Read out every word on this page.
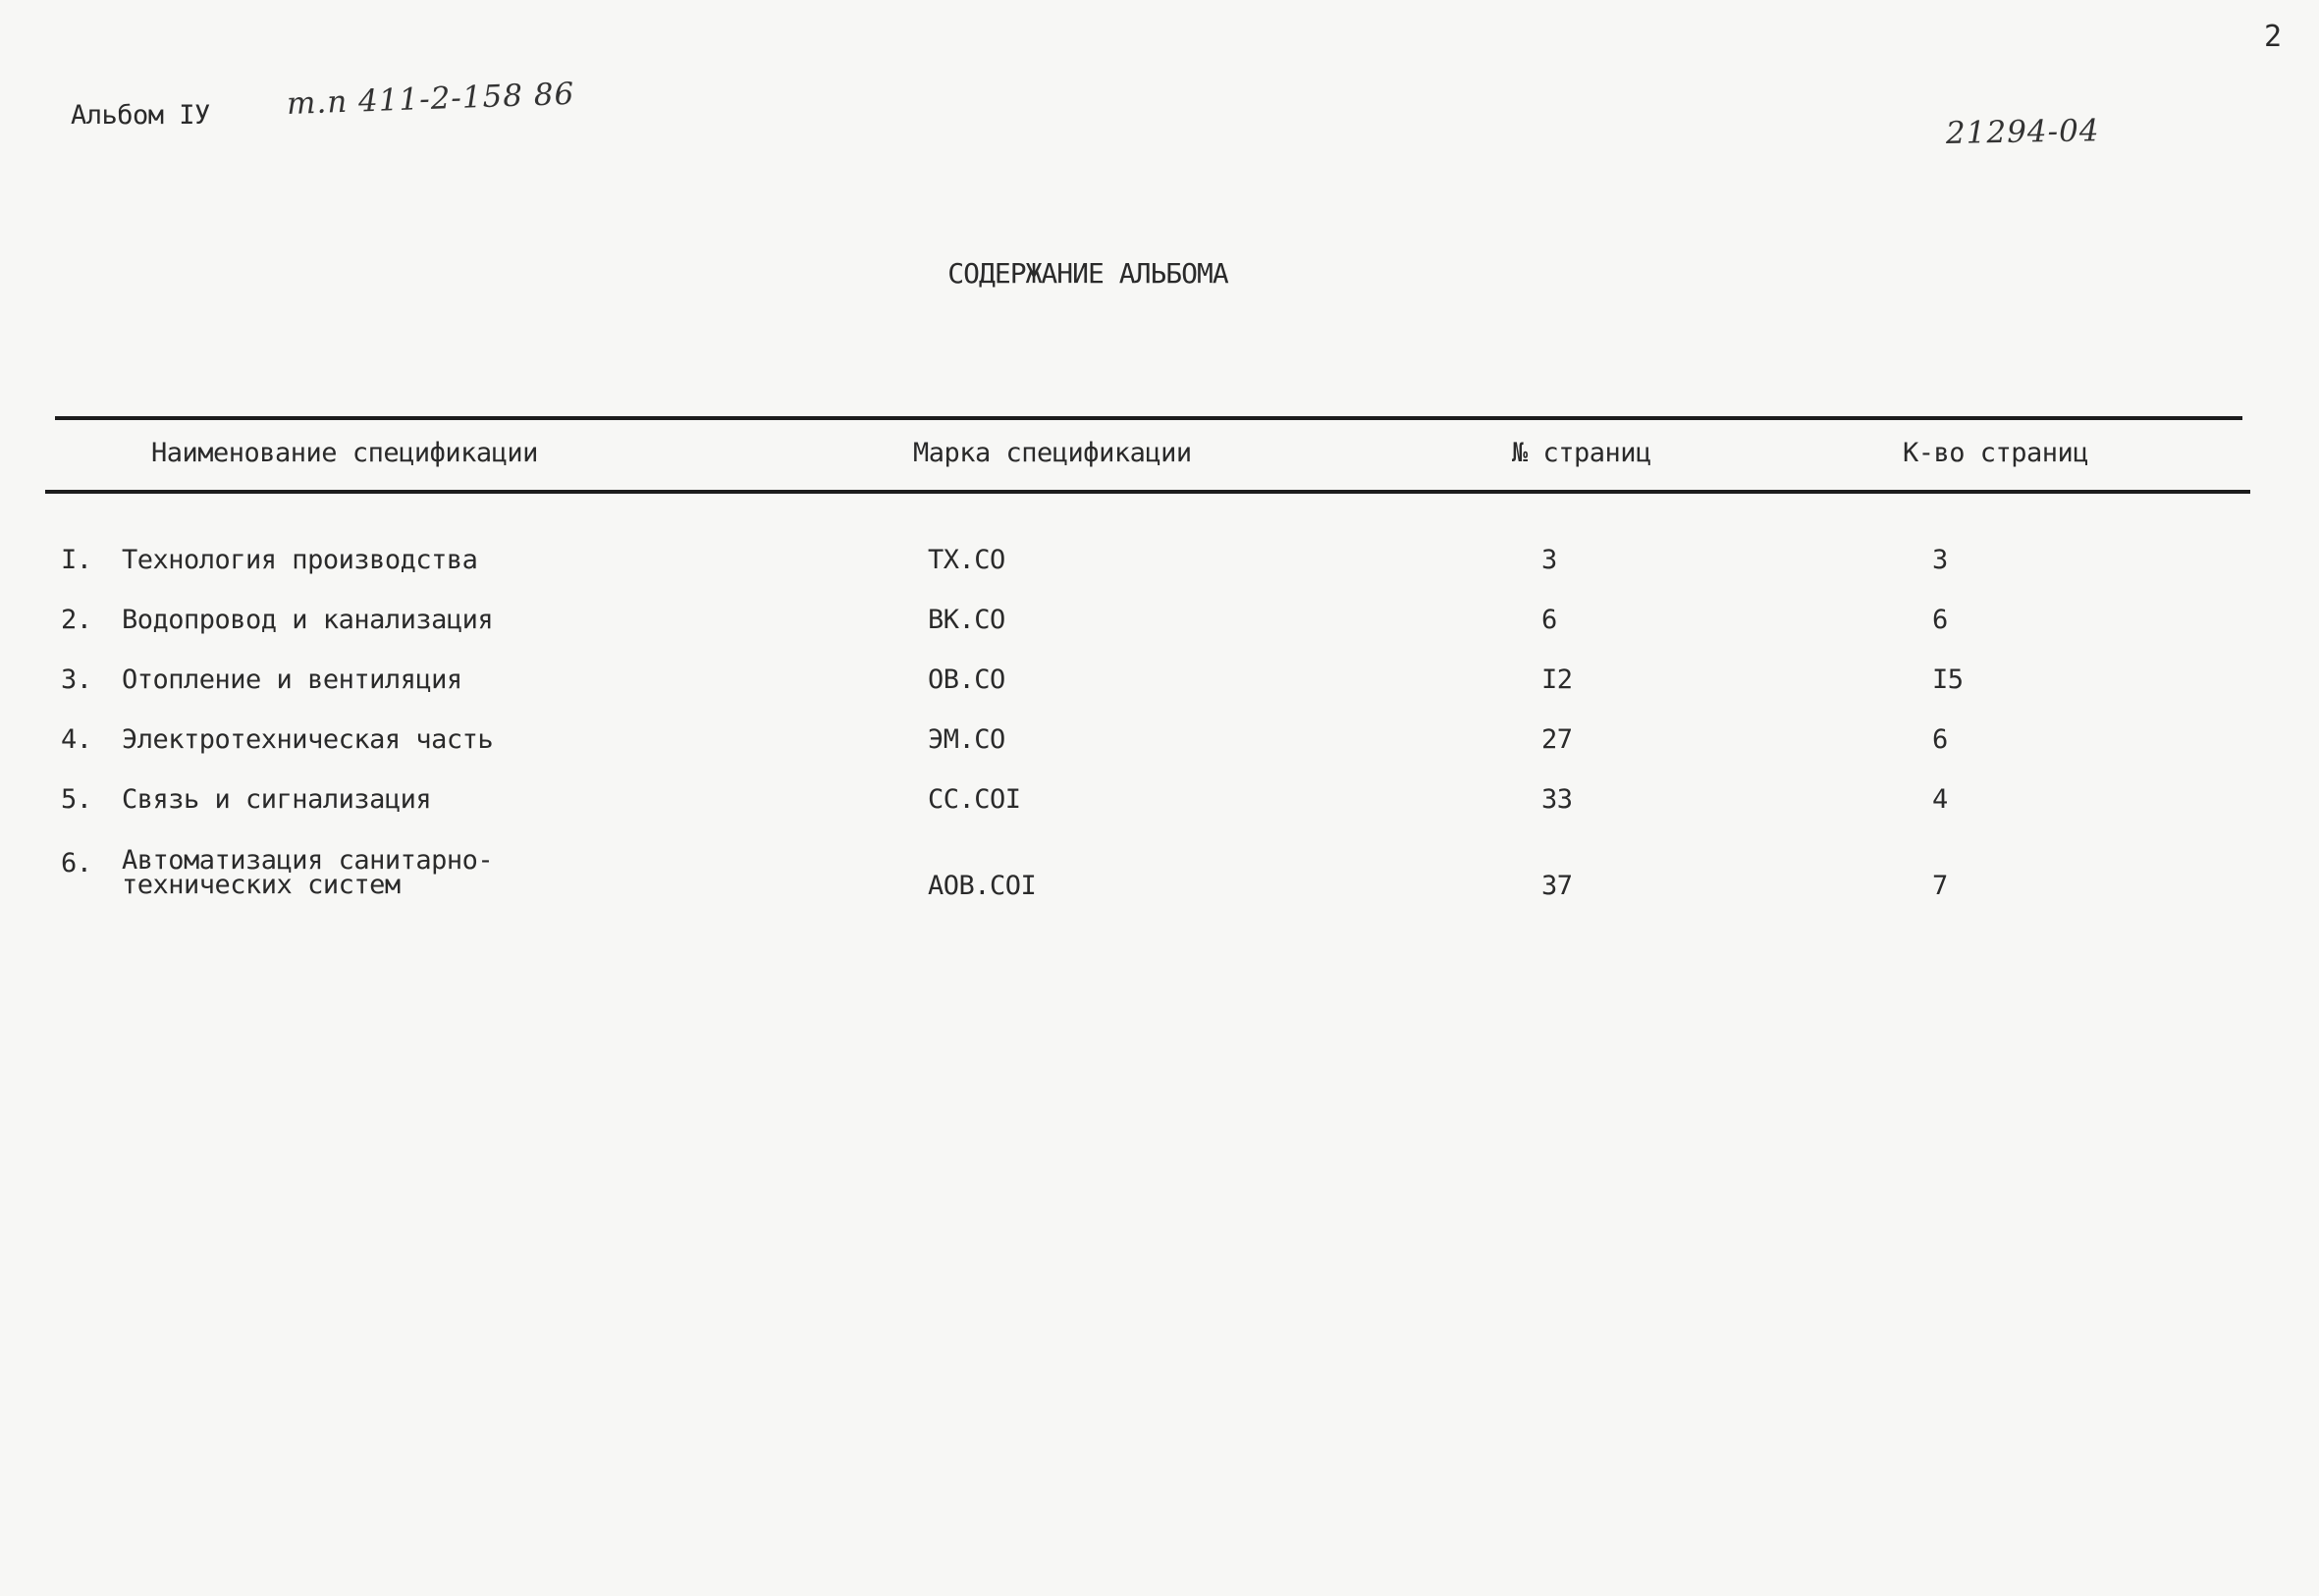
2
Альбом IУ	т.п 411-2-158 86
21294-04
СОДЕРЖАНИЕ АЛЬБОМА
Наименование спецификации	Марка спецификации	№ страниц	К-во страниц
I. Технология производства	ТХ.СО	3	3
2. Водопровод и канализация	ВК.СО	6	6
3. Отопление и вентиляция	ОВ.СО	I2	I5
4. Электротехническая часть	ЭМ.СО	27	6
5. Связь и сигнализация	СС.СОI	33	4
6. Автоматизация санитарно-
технических систем	АОВ.СОI	37	7
